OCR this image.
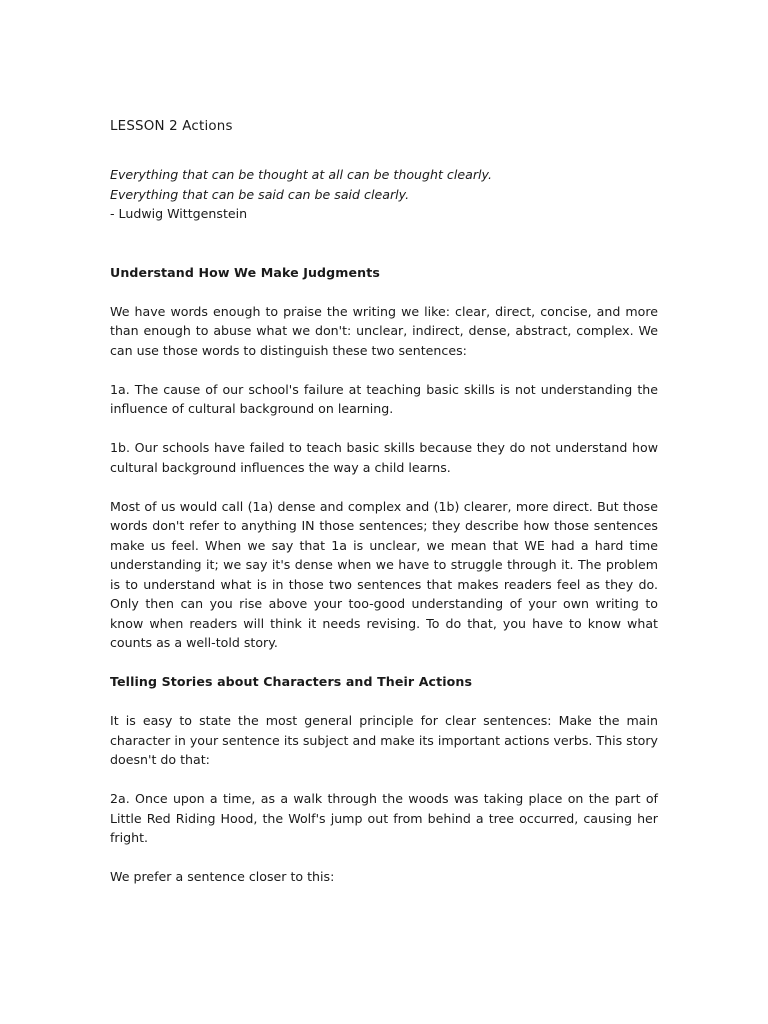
LESSON 2 Actions
Everything that can be thought at all can be thought clearly.
Everything that can be said can be said clearly.
- Ludwig Wittgenstein
Understand How We Make Judgments

We have words enough to praise the writing we like: clear, direct, concise, and more than enough to abuse what we don't: unclear, indirect, dense, abstract, complex. We can use those words to distinguish these two sentences:

1a. The cause of our school's failure at teaching basic skills is not understanding the influence of cultural background on learning.

1b. Our schools have failed to teach basic skills because they do not understand how cultural background influences the way a child learns.

Most of us would call (1a) dense and complex and (1b) clearer, more direct. But those words don't refer to anything IN those sentences; they describe how those sentences make us feel. When we say that 1a is unclear, we mean that WE had a hard time understanding it; we say it's dense when we have to struggle through it. The problem is to understand what is in those two sentences that makes readers feel as they do. Only then can you rise above your too-good understanding of your own writing to know when readers will think it needs revising. To do that, you have to know what counts as a well-told story.

Telling Stories about Characters and Their Actions

It is easy to state the most general principle for clear sentences: Make the main character in your sentence its subject and make its important actions verbs. This story doesn't do that:

2a. Once upon a time, as a walk through the woods was taking place on the part of Little Red Riding Hood, the Wolf's jump out from behind a tree occurred, causing her fright.

We prefer a sentence closer to this:
